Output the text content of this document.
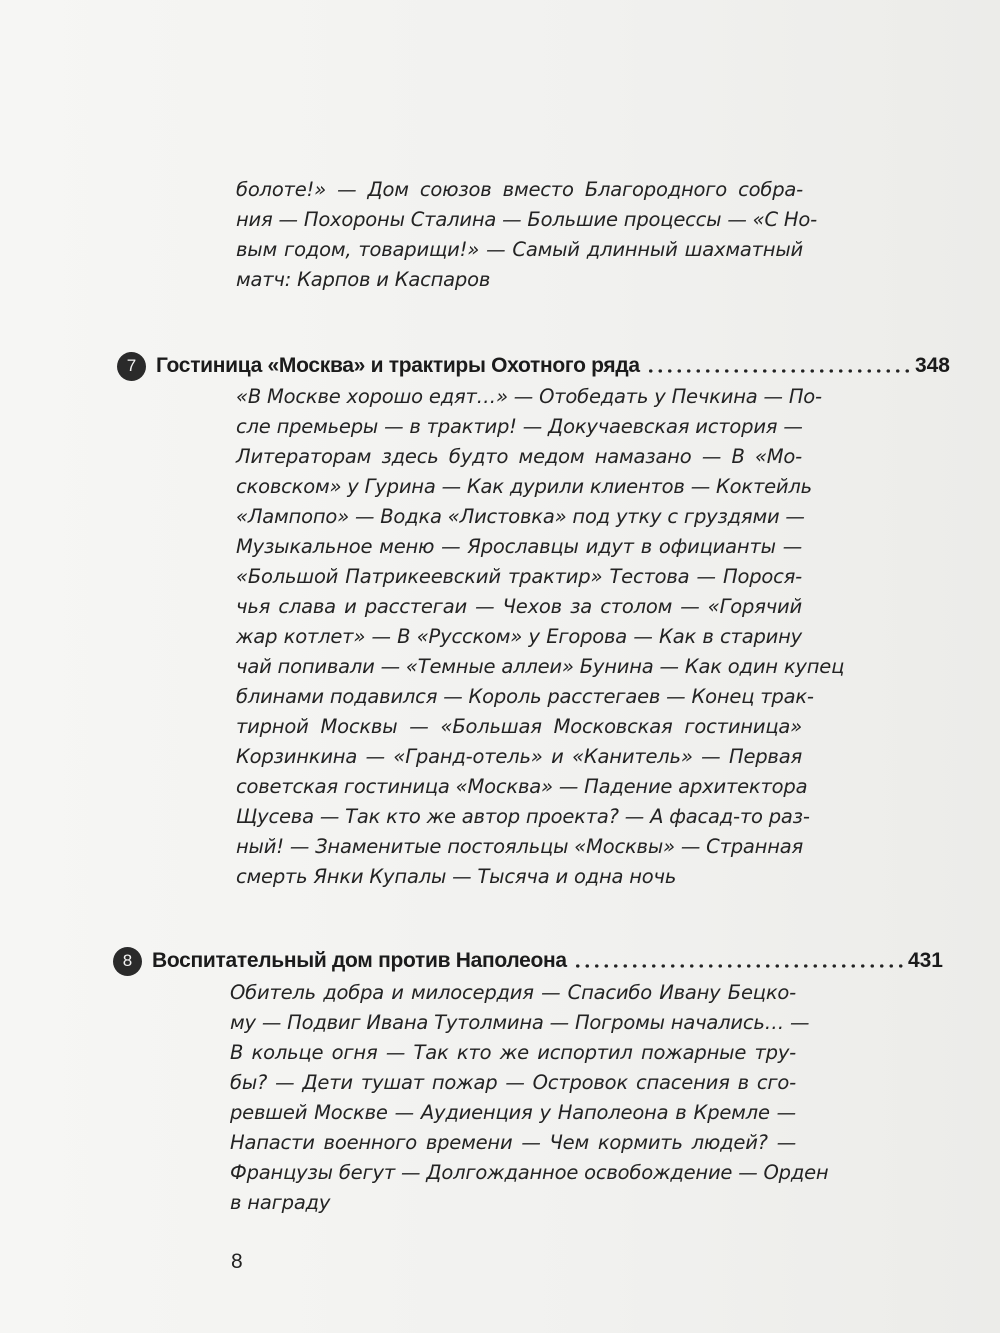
болоте!» — Дом союзов вместо Благородного собра-
ния — Похороны Сталина — Большие процессы — «С Но-
вым годом, товарищи!» — Самый длинный шахматный
матч: Карпов и Каспаров
7 Гостиница «Москва» и трактиры Охотного ряда	348
«В Москве хорошо едят…» — Отобедать у Печкина — По-
сле премьеры — в трактир! — Докучаевская история —
Литераторам здесь будто медом намазано — В «Мо-
сковском» у Гурина — Как дурили клиентов — Коктейль
«Лампопо» — Водка «Листовка» под утку с груздями —
Музыкальное меню — Ярославцы идут в официанты —
«Большой Патрикеевский трактир» Тестова — Порося-
чья слава и расстегаи — Чехов за столом — «Горячий
жар котлет» — В «Русском» у Егорова — Как в старину
чай попивали — «Темные аллеи» Бунина — Как один купец
блинами подавился — Король расстегаев — Конец трак-
тирной Москвы — «Большая Московская гостиница»
Корзинкина — «Гранд-отель» и «Канитель» — Первая
советская гостиница «Москва» — Падение архитектора
Щусева — Так кто же автор проекта? — А фасад-то раз-
ный! — Знаменитые постояльцы «Москвы» — Странная
смерть Янки Купалы — Тысяча и одна ночь
8 Воспитательный дом против Наполеона	431
Обитель добра и милосердия — Спасибо Ивану Бецко-
му — Подвиг Ивана Тутолмина — Погромы начались… —
В кольце огня — Так кто же испортил пожарные тру-
бы? — Дети тушат пожар — Островок спасения в сго-
ревшей Москве — Аудиенция у Наполеона в Кремле —
Напасти военного времени — Чем кормить людей? —
Французы бегут — Долгожданное освобождение — Орден
в награду
8
